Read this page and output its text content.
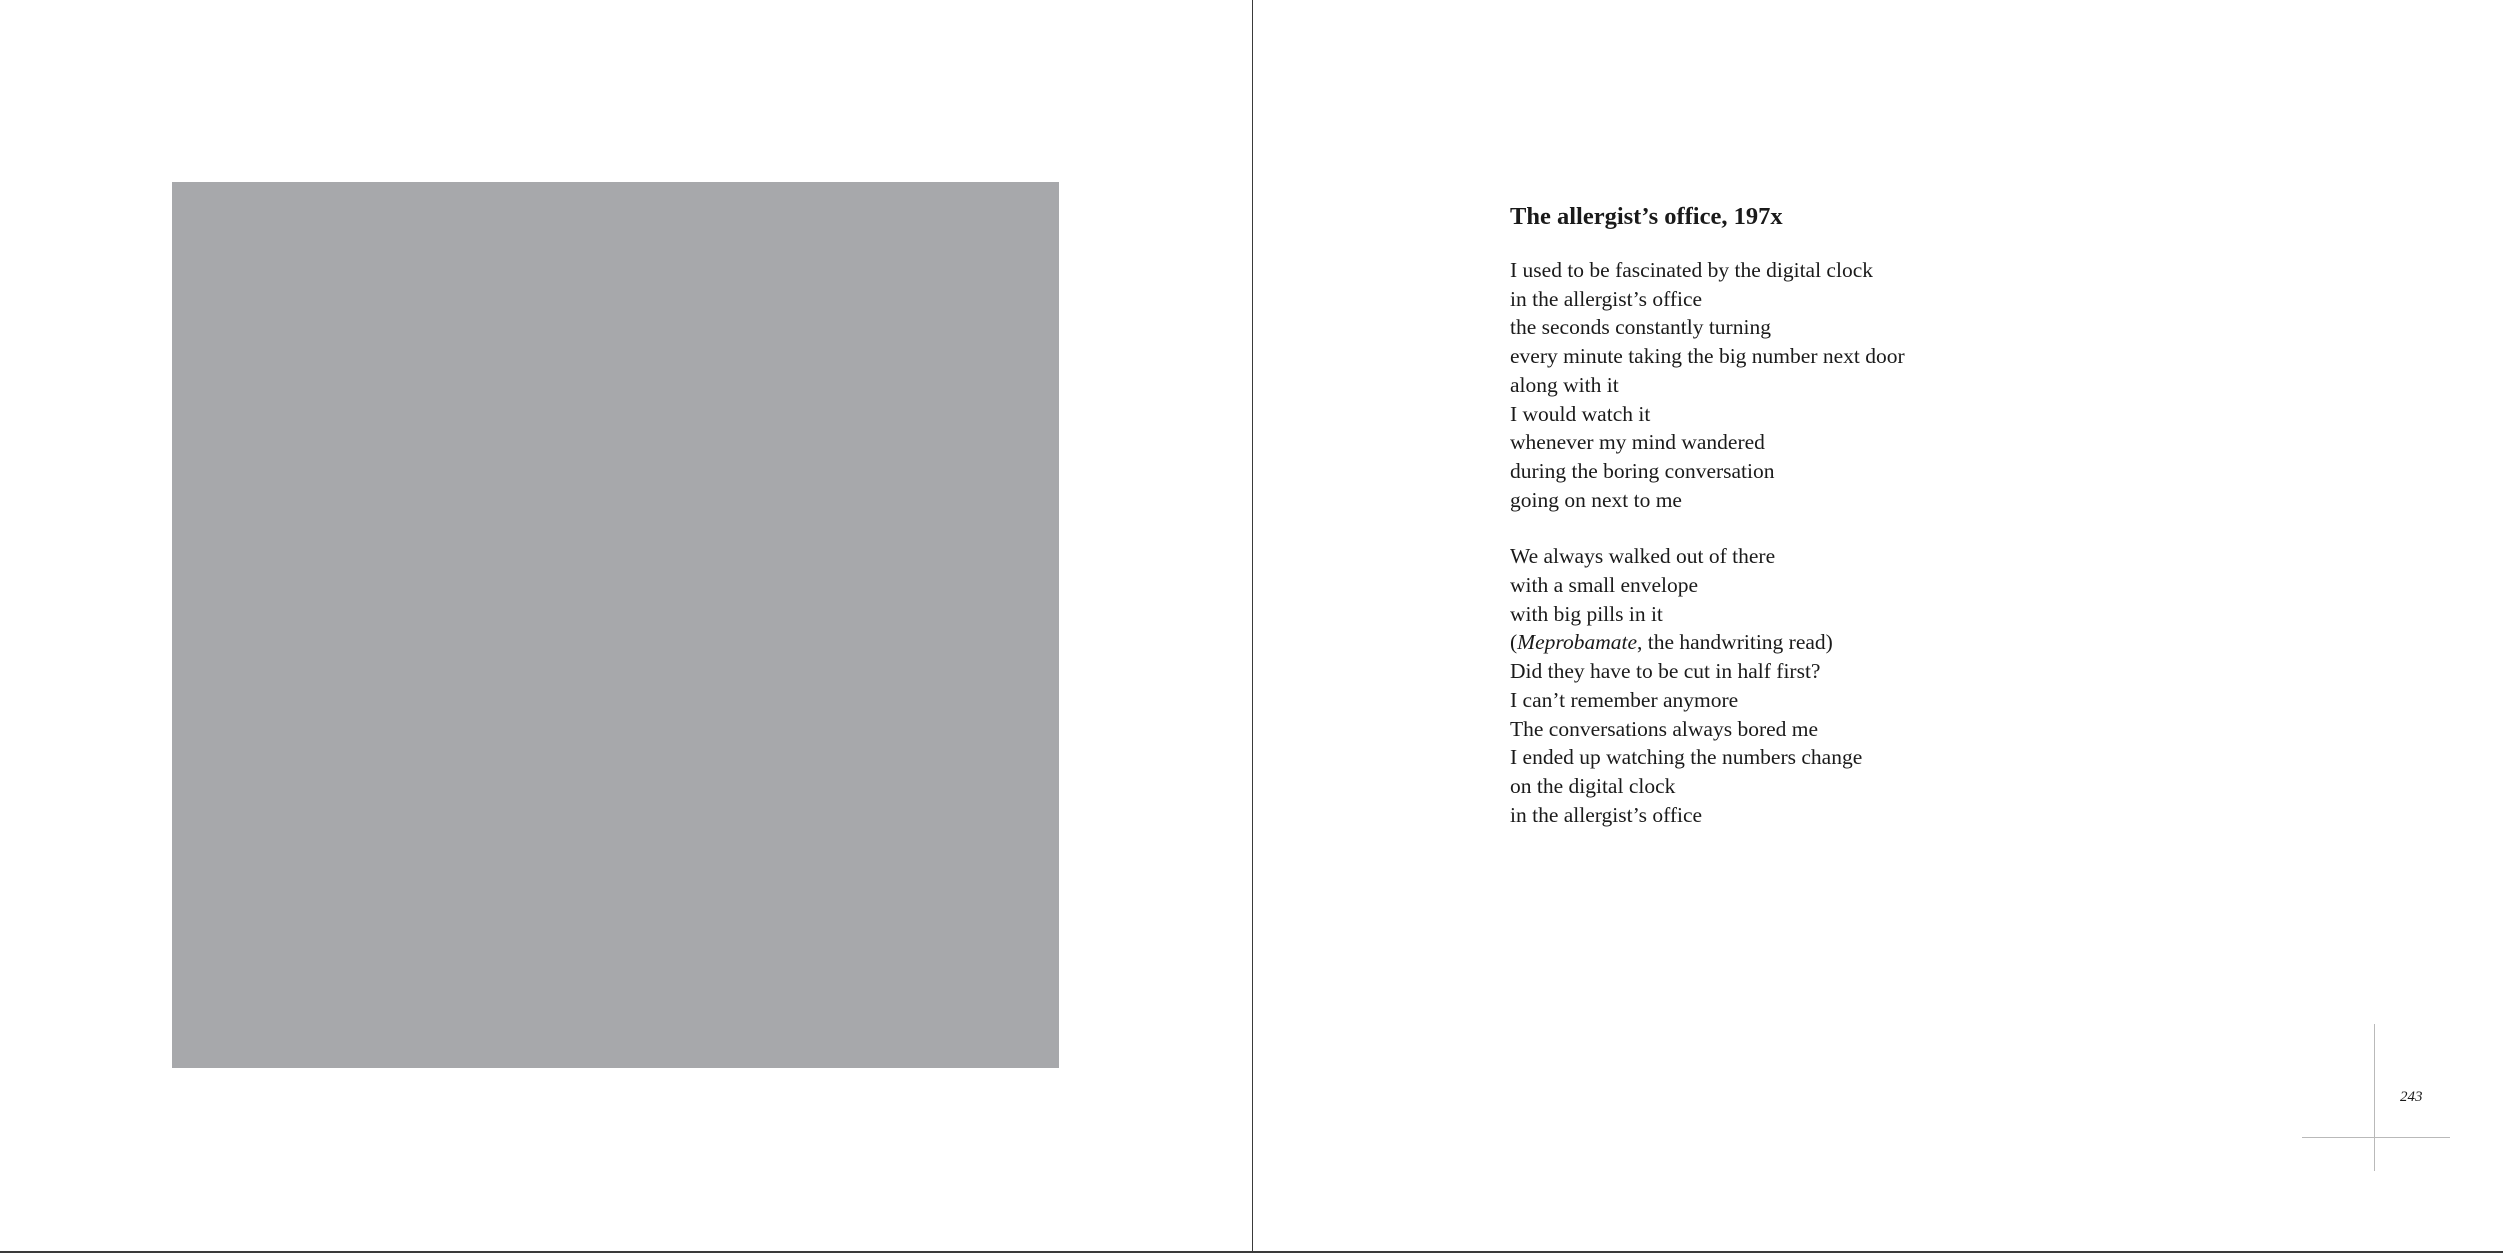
The allergist’s office, 197x
I used to be fascinated by the digital clock
in the allergist’s office
the seconds constantly turning
every minute taking the big number next door
along with it
I would watch it
whenever my mind wandered
during the boring conversation
going on next to me
We always walked out of there
with a small envelope
with big pills in it
(Meprobamate, the handwriting read)
Did they have to be cut in half first?
I can’t remember anymore
The conversations always bored me
I ended up watching the numbers change
on the digital clock
in the allergist’s office
243
